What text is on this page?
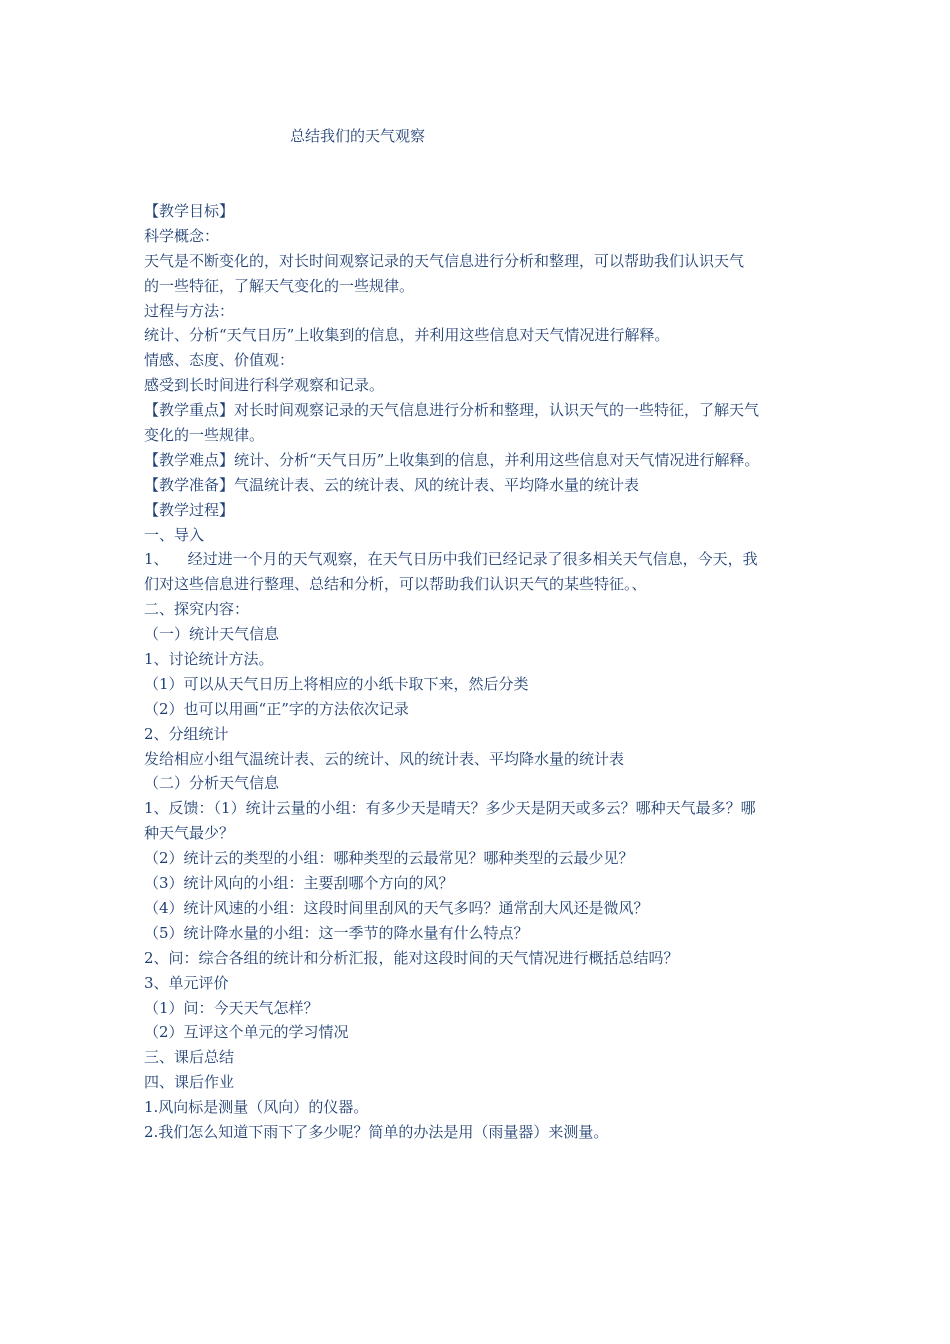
总结我们的天气观察
【教学目标】
科学概念：
天气是不断变化的，对长时间观察记录的天气信息进行分析和整理，可以帮助我们认识天气
的一些特征，了解天气变化的一些规律。
过程与方法：
统计、分析“天气日历”上收集到的信息，并利用这些信息对天气情况进行解释。
情感、态度、价值观：
感受到长时间进行科学观察和记录。
【教学重点】对长时间观察记录的天气信息进行分析和整理，认识天气的一些特征，了解天气
变化的一些规律。
【教学难点】统计、分析“天气日历”上收集到的信息，并利用这些信息对天气情况进行解释。
【教学准备】气温统计表、云的统计表、风的统计表、平均降水量的统计表
【教学过程】
一、导入
1、    经过进一个月的天气观察，在天气日历中我们已经记录了很多相关天气信息，今天，我
们对这些信息进行整理、总结和分析，可以帮助我们认识天气的某些特征。、
二、探究内容：
（一）统计天气信息
1、讨论统计方法。
（1）可以从天气日历上将相应的小纸卡取下来，然后分类
（2）也可以用画“正”字的方法依次记录
2、分组统计
发给相应小组气温统计表、云的统计、风的统计表、平均降水量的统计表
（二）分析天气信息
1、反馈：（1）统计云量的小组：有多少天是晴天？多少天是阴天或多云？哪种天气最多？哪
种天气最少？
（2）统计云的类型的小组：哪种类型的云最常见？哪种类型的云最少见？
（3）统计风向的小组：主要刮哪个方向的风？
（4）统计风速的小组：这段时间里刮风的天气多吗？通常刮大风还是微风？
（5）统计降水量的小组：这一季节的降水量有什么特点？
2、问：综合各组的统计和分析汇报，能对这段时间的天气情况进行概括总结吗？
3、单元评价
（1）问：今天天气怎样？
（2）互评这个单元的学习情况
三、课后总结
四、课后作业
1.风向标是测量（风向）的仪器。
2.我们怎么知道下雨下了多少呢？简单的办法是用（雨量器）来测量。
